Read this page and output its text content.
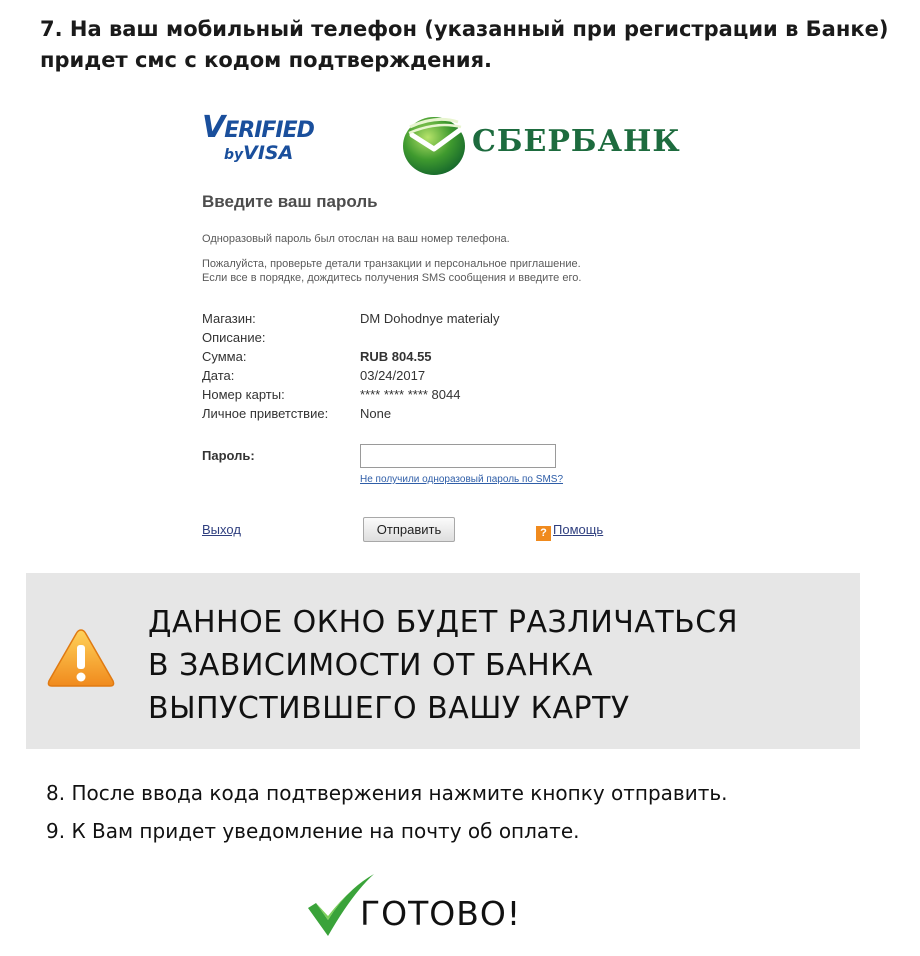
7. На ваш мобильный телефон (указанный при регистрации в Банке)
придет смс с кодом подтверждения.
VERIFIED
byVISA	СБЕРБАНК
Введите ваш пароль
Одноразовый пароль был отослан на ваш номер телефона.
Пожалуйста, проверьте детали транзакции и персональное приглашение.
Если все в порядке, дождитесь получения SMS сообщения и введите его.
Магазин:	DM Dohodnye materialy
Описание:
Сумма:	RUB 804.55
Дата:	03/24/2017
Номер карты:	**** **** **** 8044
Личное приветствие: None
Пароль:
Не получили одноразовый пароль по SMS?
Выход	Отправить	? Помощь
ДАННОЕ ОКНО БУДЕТ РАЗЛИЧАТЬСЯ
В ЗАВИСИМОСТИ ОТ БАНКА
ВЫПУСТИВШЕГО ВАШУ КАРТУ
8. После ввода кода подтвержения нажмите кнопку отправить.
9. К Вам придет уведомление на почту об оплате.
ГОТОВО!
